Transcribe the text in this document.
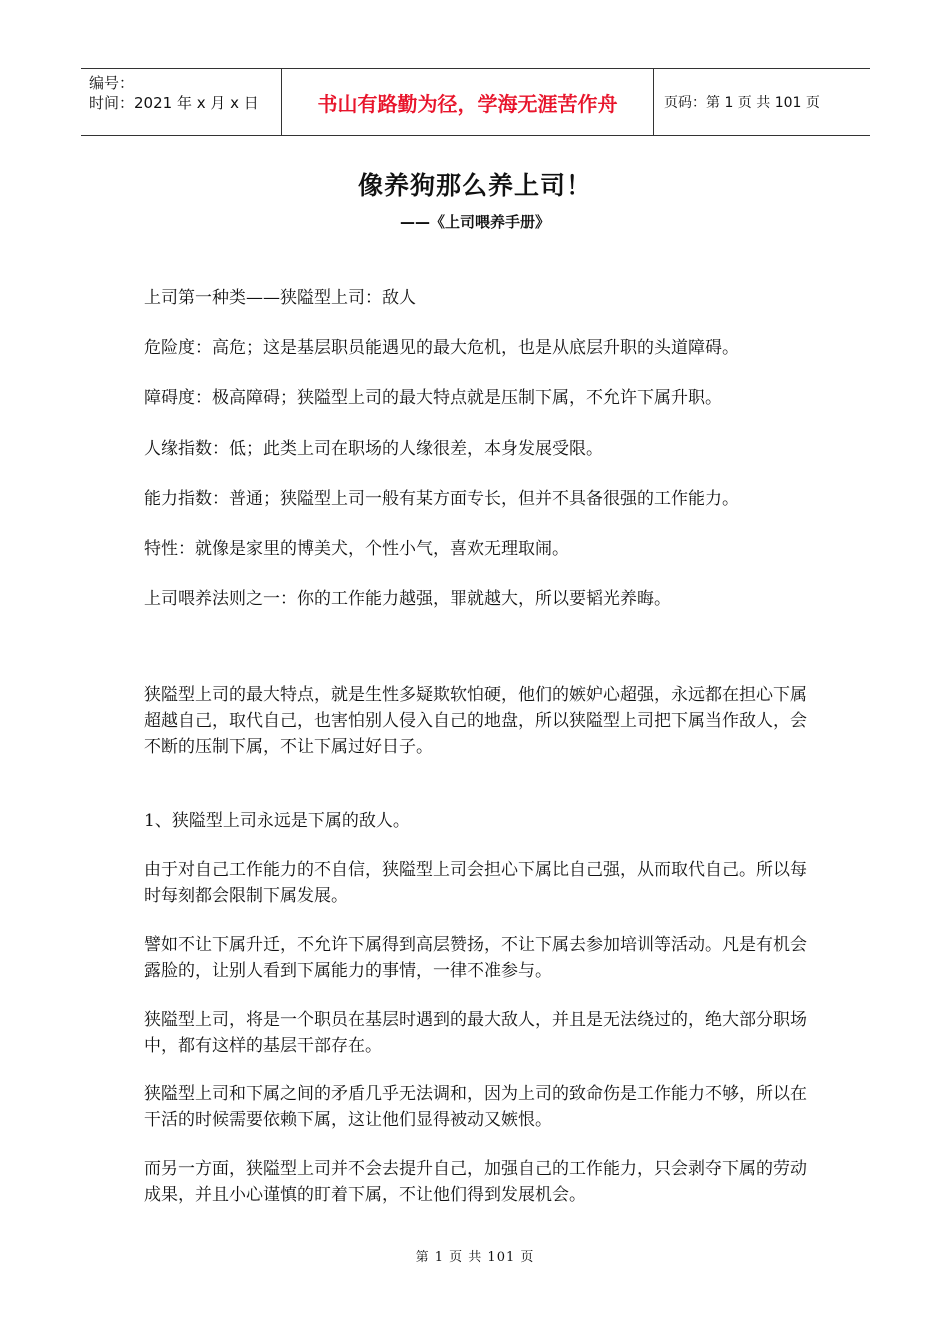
编号：
时间：2021 年 x 月 x 日	书山有路勤为径，学海无涯苦作舟	页码：第 1 页 共 101 页
像养狗那么养上司！
——《上司喂养手册》

上司第一种类——狭隘型上司：敌人

危险度：高危；这是基层职员能遇见的最大危机，也是从底层升职的头道障碍。

障碍度：极高障碍；狭隘型上司的最大特点就是压制下属，不允许下属升职。

人缘指数：低；此类上司在职场的人缘很差，本身发展受限。

能力指数：普通；狭隘型上司一般有某方面专长，但并不具备很强的工作能力。

特性：就像是家里的博美犬，个性小气，喜欢无理取闹。

上司喂养法则之一：你的工作能力越强，罪就越大，所以要韬光养晦。

狭隘型上司的最大特点，就是生性多疑欺软怕硬，他们的嫉妒心超强，永远都在担心下属超越自己，取代自己，也害怕别人侵入自己的地盘，所以狭隘型上司把下属当作敌人，会不断的压制下属，不让下属过好日子。

1、狭隘型上司永远是下属的敌人。

由于对自己工作能力的不自信，狭隘型上司会担心下属比自己强，从而取代自己。所以每时每刻都会限制下属发展。

譬如不让下属升迁，不允许下属得到高层赞扬，不让下属去参加培训等活动。凡是有机会露脸的，让别人看到下属能力的事情，一律不准参与。

狭隘型上司，将是一个职员在基层时遇到的最大敌人，并且是无法绕过的，绝大部分职场中，都有这样的基层干部存在。

狭隘型上司和下属之间的矛盾几乎无法调和，因为上司的致命伤是工作能力不够，所以在干活的时候需要依赖下属，这让他们显得被动又嫉恨。

而另一方面，狭隘型上司并不会去提升自己，加强自己的工作能力，只会剥夺下属的劳动成果，并且小心谨慎的盯着下属，不让他们得到发展机会。

第 1 页 共 101 页
